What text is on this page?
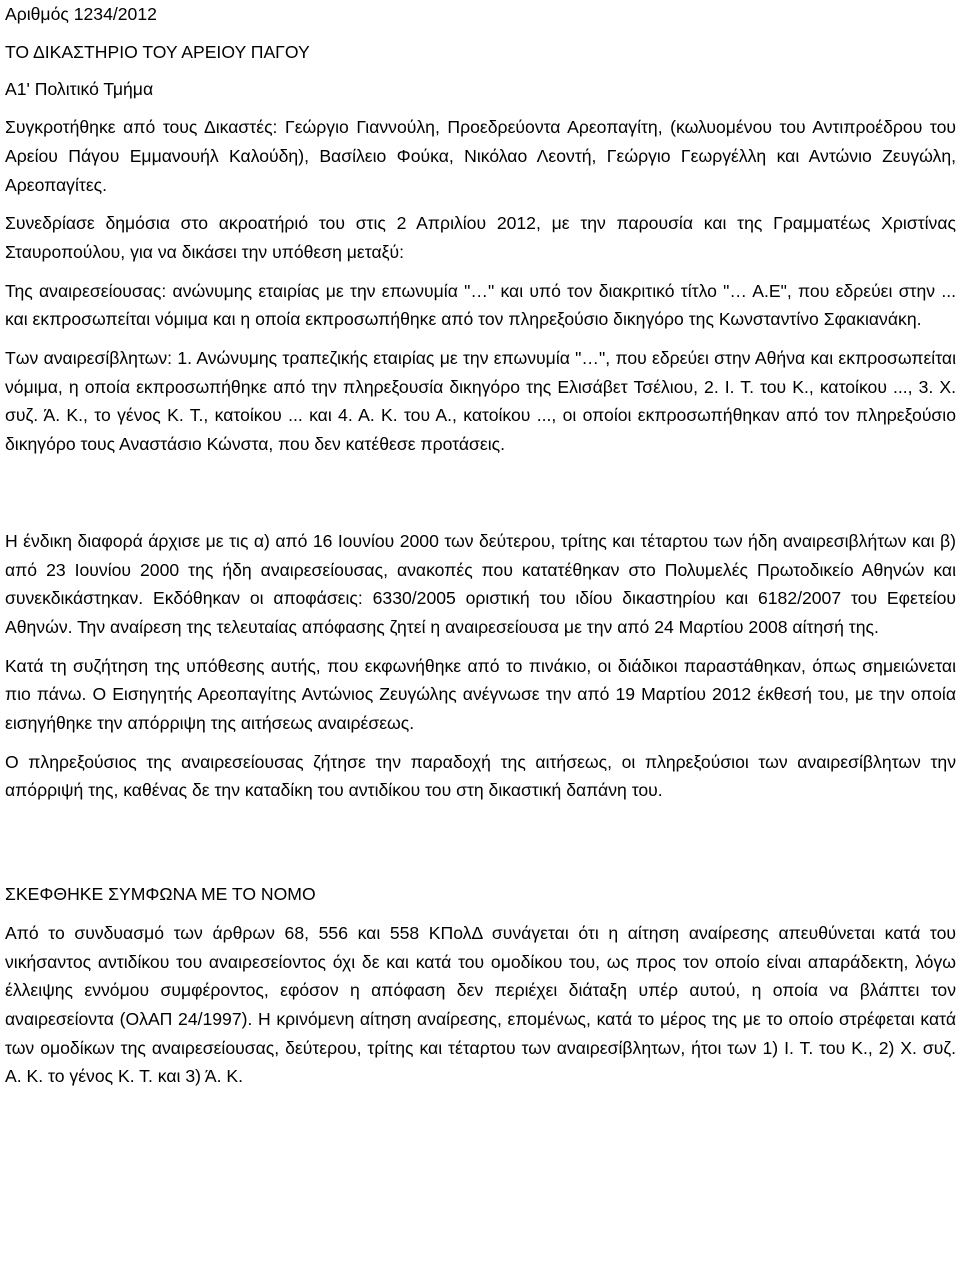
Αριθμός 1234/2012

ΤΟ ΔΙΚΑΣΤΗΡΙΟ ΤΟΥ ΑΡΕΙΟΥ ΠΑΓΟΥ

Α1' Πολιτικό Τμήμα

Συγκροτήθηκε από τους Δικαστές: Γεώργιο Γιαννούλη, Προεδρεύοντα Αρεοπαγίτη, (κωλυομένου του Αντιπροέδρου του Αρείου Πάγου Εμμανουήλ Καλούδη), Βασίλειο Φούκα, Νικόλαο Λεοντή, Γεώργιο Γεωργέλλη και Αντώνιο Ζευγώλη, Αρεοπαγίτες.

Συνεδρίασε δημόσια στο ακροατήριό του στις 2 Απριλίου 2012, με την παρουσία και της Γραμματέως Χριστίνας Σταυροπούλου, για να δικάσει την υπόθεση μεταξύ:

Της αναιρεσείουσας: ανώνυμης εταιρίας με την επωνυμία "…" και υπό τον διακριτικό τίτλο "… Α.Ε", που εδρεύει στην ... και εκπροσωπείται νόμιμα και η οποία εκπροσωπήθηκε από τον πληρεξούσιο δικηγόρο της Κωνσταντίνο Σφακιανάκη.

Των αναιρεσίβλητων: 1. Ανώνυμης τραπεζικής εταιρίας με την επωνυμία "…", που εδρεύει στην Αθήνα και εκπροσωπείται νόμιμα, η οποία εκπροσωπήθηκε από την πληρεξουσία δικηγόρο της Ελισάβετ Τσέλιου, 2. Ι. Τ. του Κ., κατοίκου ..., 3. Χ. συζ. Ά. Κ., το γένος Κ. Τ., κατοίκου ... και 4. Α. Κ. του Α., κατοίκου ..., οι οποίοι εκπροσωπήθηκαν από τον πληρεξούσιο δικηγόρο τους Αναστάσιο Κώνστα, που δεν κατέθεσε προτάσεις.

Η ένδικη διαφορά άρχισε με τις α) από 16 Ιουνίου 2000 των δεύτερου, τρίτης και τέταρτου των ήδη αναιρεσιβλήτων και β) από 23 Ιουνίου 2000 της ήδη αναιρεσείουσας, ανακοπές που κατατέθηκαν στο Πολυμελές Πρωτοδικείο Αθηνών και συνεκδικάστηκαν. Εκδόθηκαν οι αποφάσεις: 6330/2005 οριστική του ιδίου δικαστηρίου και 6182/2007 του Εφετείου Αθηνών. Την αναίρεση της τελευταίας απόφασης ζητεί η αναιρεσείουσα με την από 24 Μαρτίου 2008 αίτησή της.

Κατά τη συζήτηση της υπόθεσης αυτής, που εκφωνήθηκε από το πινάκιο, οι διάδικοι παραστάθηκαν, όπως σημειώνεται πιο πάνω. Ο Εισηγητής Αρεοπαγίτης Αντώνιος Ζευγώλης ανέγνωσε την από 19 Μαρτίου 2012 έκθεσή του, με την οποία εισηγήθηκε την απόρριψη της αιτήσεως αναιρέσεως.

Ο πληρεξούσιος της αναιρεσείουσας ζήτησε την παραδοχή της αιτήσεως, οι πληρεξούσιοι των αναιρεσίβλητων την απόρριψή της, καθένας δε την καταδίκη του αντιδίκου του στη δικαστική δαπάνη του.

ΣΚΕΦΘΗΚΕ ΣΥΜΦΩΝΑ ΜΕ ΤΟ ΝΟΜΟ

Από το συνδυασμό των άρθρων 68, 556 και 558 ΚΠολΔ συνάγεται ότι η αίτηση αναίρεσης απευθύνεται κατά του νικήσαντος αντιδίκου του αναιρεσείοντος όχι δε και κατά του ομοδίκου του, ως προς τον οποίο είναι απαράδεκτη, λόγω έλλειψης εννόμου συμφέροντος, εφόσον η απόφαση δεν περιέχει διάταξη υπέρ αυτού, η οποία να βλάπτει τον αναιρεσείοντα (ΟλΑΠ 24/1997). Η κρινόμενη αίτηση αναίρεσης, επομένως, κατά το μέρος της με το οποίο στρέφεται κατά των ομοδίκων της αναιρεσείουσας, δεύτερου, τρίτης και τέταρτου των αναιρεσίβλητων, ήτοι των 1) Ι. Τ. του Κ., 2) Χ. συζ. Α. Κ. το γένος Κ. Τ. και 3) Ά. Κ.
